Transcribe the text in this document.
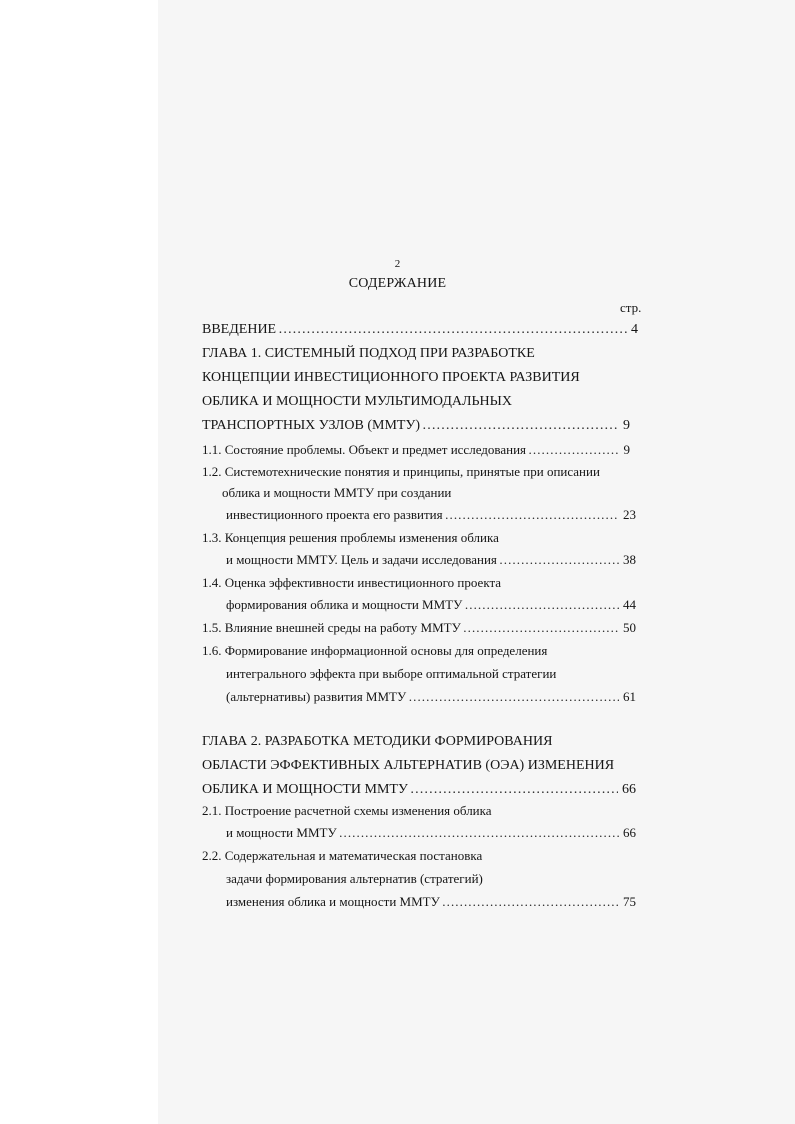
2
СОДЕРЖАНИЕ
стр.
ВВЕДЕНИЕ ………………………………………………………………………………………………………………………………………………………………………………………………	4
ГЛАВА 1. СИСТЕМНЫЙ ПОДХОД ПРИ РАЗРАБОТКЕ
КОНЦЕПЦИИ ИНВЕСТИЦИОННОГО ПРОЕКТА РАЗВИТИЯ
ОБЛИКА И МОЩНОСТИ МУЛЬТИМОДАЛЬНЫХ
ТРАНСПОРТНЫХ УЗЛОВ (ММТУ) ………………………………………………………………………………………………………………………………………………………………………………………………	9
1.1. Состояние проблемы. Объект и предмет исследования ………………………………………………………………………………………………………………………………………………………………………………………………	9
1.2. Системотехнические понятия и принципы, принятые при описании
облика и мощности ММТУ при создании
инвестиционного проекта его развития ………………………………………………………………………………………………………………………………………………………………………………………………	23
1.3. Концепция решения проблемы изменения облика
и мощности ММТУ. Цель и задачи исследования ………………………………………………………………………………………………………………………………………………………………………………………………	38
1.4. Оценка эффективности инвестиционного проекта
формирования облика и мощности ММТУ ………………………………………………………………………………………………………………………………………………………………………………………………	44
1.5. Влияние внешней среды на работу ММТУ ………………………………………………………………………………………………………………………………………………………………………………………………	50
1.6. Формирование информационной основы для определения
интегрального эффекта при выборе оптимальной стратегии
(альтернативы) развития ММТУ ………………………………………………………………………………………………………………………………………………………………………………………………	61
ГЛАВА 2. РАЗРАБОТКА МЕТОДИКИ ФОРМИРОВАНИЯ
ОБЛАСТИ ЭФФЕКТИВНЫХ АЛЬТЕРНАТИВ (ОЭА) ИЗМЕНЕНИЯ
ОБЛИКА И МОЩНОСТИ ММТУ ………………………………………………………………………………………………………………………………………………………………………………………………	66
2.1. Построение расчетной схемы изменения облика
и мощности ММТУ ………………………………………………………………………………………………………………………………………………………………………………………………	66
2.2. Содержательная и математическая постановка
задачи формирования альтернатив (стратегий)
изменения облика и мощности ММТУ ………………………………………………………………………………………………………………………………………………………………………………………………	75
